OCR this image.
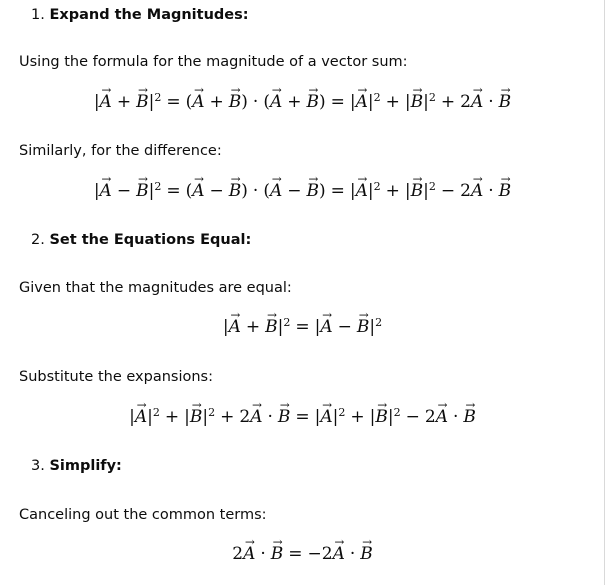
1. Expand the Magnitudes:
Using the formula for the magnitude of a vector sum:
|→ $A +\to B|^2$ = (→ A +→ B) · (→ A +→ B) = |→ $A|^2$ + |→ $B|^2 + 2\to A \cdot\to B$
Similarly, for the difference:
|→ $A -\to B|^2$ = (→ A −→ B) · (→ A −→ B) = |→ $A|^2$ + |→ $B|^2 - 2\to A \cdot\to B$
2. Set the Equations Equal:
Given that the magnitudes are equal:
|→ $A +\to B|^2$ = |→ $A -\to B|^2$
Substitute the expansions:
|→ $A|^2$ + |→ $B|^2 + 2\to A \cdot\to B$ = |→ $A|^2$ + |→ $B|^2 - 2\to A \cdot\to B$
3. Simplify:
Canceling out the common terms:
2→ A ·→ B = −2→ A ·→ B
